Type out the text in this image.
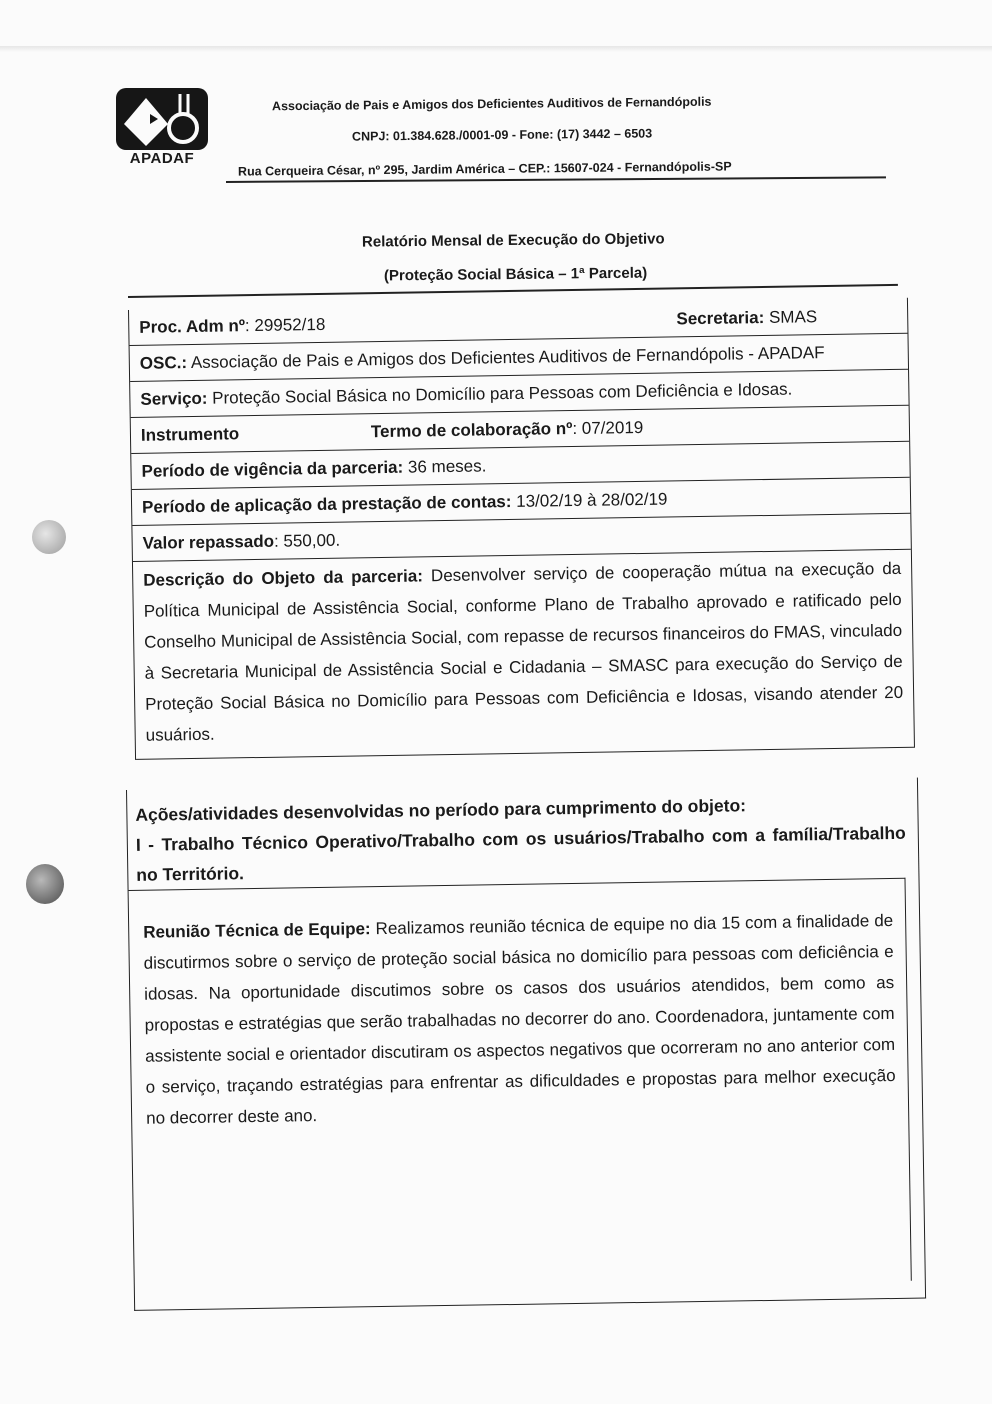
APADAF
Associação de Pais e Amigos dos Deficientes Auditivos de Fernandópolis
CNPJ: 01.384.628./0001-09 - Fone: (17) 3442 – 6503
Rua Cerqueira César, nº 295, Jardim América – CEP.: 15607-024 - Fernandópolis-SP
Relatório Mensal de Execução do Objetivo
(Proteção Social Básica – 1ª Parcela)
Proc. Adm nº: 29952/18	Secretaria: SMAS
OSC.: Associação de Pais e Amigos dos Deficientes Auditivos de Fernandópolis - APADAF
Serviço: Proteção Social Básica no Domicílio para Pessoas com Deficiência e Idosas.
Instrumento	Termo de colaboração nº: 07/2019
Período de vigência da parceria: 36 meses.
Período de aplicação da prestação de contas: 13/02/19 à 28/02/19
Valor repassado: 550,00.
Descrição do Objeto da parceria: Desenvolver serviço de cooperação mútua na execução da Política Municipal de Assistência Social, conforme Plano de Trabalho aprovado e ratificado pelo Conselho Municipal de Assistência Social, com repasse de recursos financeiros do FMAS, vinculado à Secretaria Municipal de Assistência Social e Cidadania – SMASC para execução do Serviço de Proteção Social Básica no Domicílio para Pessoas com Deficiência e Idosas, visando atender 20 usuários.
Ações/atividades desenvolvidas no período para cumprimento do objeto:
I - Trabalho Técnico Operativo/Trabalho com os usuários/Trabalho com a família/Trabalho no Território.
Reunião Técnica de Equipe: Realizamos reunião técnica de equipe no dia 15 com a finalidade de discutirmos sobre o serviço de proteção social básica no domicílio para pessoas com deficiência e idosas. Na oportunidade discutimos sobre os casos dos usuários atendidos, bem como as propostas e estratégias que serão trabalhadas no decorrer do ano. Coordenadora, juntamente com assistente social e orientador discutiram os aspectos negativos que ocorreram no ano anterior com o serviço, traçando estratégias para enfrentar as dificuldades e propostas para melhor execução no decorrer deste ano.
